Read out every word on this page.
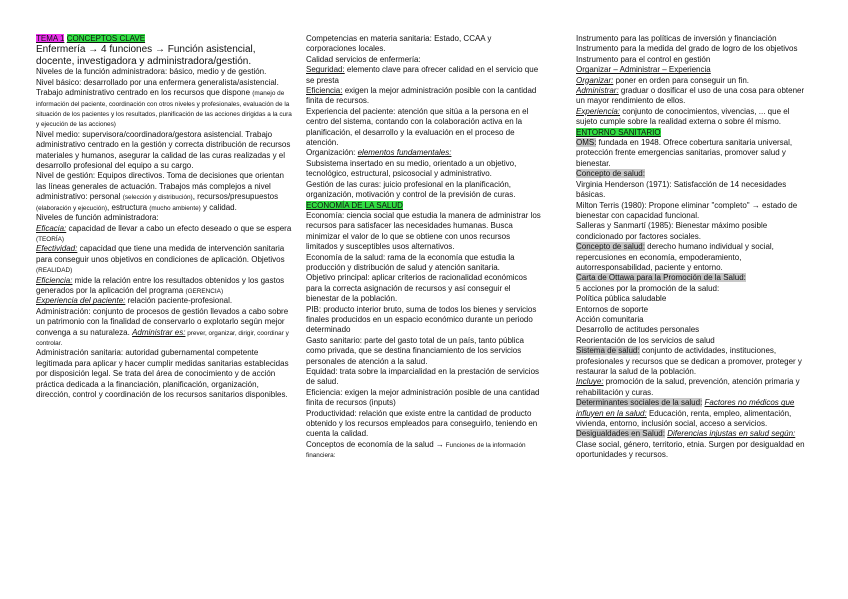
TEMA 1 CONCEPTOS CLAVE
Enfermería → 4 funciones → Función asistencial, docente, investigadora y administradora/gestión.
Niveles de la función administradora: básico, medio y de gestión.
Nivel básico: desarrollado por una enfermera generalista/asistencial. Trabajo administrativo centrado en los recursos que dispone (manejo de información del paciente, coordinación con otros niveles y profesionales, evaluación de la situación de los pacientes y los resultados, planificación de las acciones dirigidas a la cura y ejecución de las acciones)
Nivel medio: supervisora/coordinadora/gestora asistencial. Trabajo administrativo centrado en la gestión y correcta distribución de recursos materiales y humanos, asegurar la calidad de las curas realizadas y el desarrollo profesional del equipo a su cargo.
Nivel de gestión: Equipos directivos. Toma de decisiones que orientan las líneas generales de actuación. Trabajos más complejos a nivel administrativo: personal (selección y distribución), recursos/presupuestos (elaboración y ejecución), estructura (mucho ambiente) y calidad.
Niveles de función administradora:
- Eficacia: capacidad de llevar a cabo un efecto deseado o que se espera (TEORÍA)
- Efectividad: capacidad que tiene una medida de intervención sanitaria para conseguir unos objetivos en condiciones de aplicación. Objetivos (REALIDAD)
- Eficiencia: mide la relación entre los resultados obtenidos y los gastos generados por la aplicación del programa (GERENCIA)
- Experiencia del paciente: relación paciente-profesional.
Administración: conjunto de procesos de gestión llevados a cabo sobre un patrimonio con la finalidad de conservarlo o explotarlo según mejor convenga a su naturaleza. Administrar es: prever, organizar, dirigir, coordinar y controlar.
Administración sanitaria: autoridad gubernamental competente legitimada para aplicar y hacer cumplir medidas sanitarias establecidas por disposición legal. Se trata del área de conocimiento y de acción práctica dedicada a la financiación, planificación, organización, dirección, control y coordinación de los recursos sanitarios disponibles.
Competencias en materia sanitaria: Estado, CCAA y corporaciones locales.
Calidad servicios de enfermería:
- Seguridad: elemento clave para ofrecer calidad en el servicio que se presta
- Eficiencia: exigen la mejor administración posible con la cantidad finita de recursos.
- Experiencia del paciente: atención que sitúa a la persona en el centro del sistema, contando con la colaboración activa en la planificación, el desarrollo y la evaluación en el proceso de atención.
Organización: elementos fundamentales:
Subsistema insertado en su medio, orientado a un objetivo, tecnológico, estructural, psicosocial y administrativo.
Gestión de las curas: juicio profesional en la planificación, organización, motivación y control de la previsión de curas.
ECONOMÍA DE LA SALUD
Economía: ciencia social que estudia la manera de administrar los recursos para satisfacer las necesidades humanas. Busca minimizar el valor de lo que se obtiene con unos recursos limitados y susceptibles usos alternativos.
Economía de la salud: rama de la economía que estudia la producción y distribución de salud y atención sanitaria.
Objetivo principal: aplicar criterios de racionalidad económicos para la correcta asignación de recursos y así conseguir el bienestar de la población.
PIB: producto interior bruto, suma de todos los bienes y servicios finales producidos en un espacio económico durante un periodo determinado
Gasto sanitario: parte del gasto total de un país, tanto pública como privada, que se destina financiamiento de los servicios personales de atención a la salud.
Equidad: trata sobre la imparcialidad en la prestación de servicios de salud.
Eficiencia: exigen la mejor administración posible de una cantidad finita de recursos (inputs)
Productividad: relación que existe entre la cantidad de producto obtenido y los recursos empleados para conseguirlo, teniendo en cuenta la calidad.
Conceptos de economía de la salud → Funciones de la información financiera:
- Instrumento para las políticas de inversión y financiación
- Instrumento para la medida del grado de logro de los objetivos
- Instrumento para el control en gestión
Organizar – Administrar – Experiencia
Organizar: poner en orden para conseguir un fin.
Administrar: graduar o dosificar el uso de una cosa para obtener un mayor rendimiento de ellos.
Experiencia: conjunto de conocimientos, vivencias, ... que el sujeto cumple sobre la realidad externa o sobre él mismo.
ENTORNO SANITARIO
OMS: fundada en 1948. Ofrece cobertura sanitaria universal, protección frente emergencias sanitarias, promover salud y bienestar.
Concepto de salud:
• Virginia Henderson (1971): Satisfacción de 14 necesidades básicas.
• Milton Terris (1980): Propone eliminar "completo" → estado de bienestar con capacidad funcional.
• Salleras y Sanmartí (1985): Bienestar máximo posible condicionado por factores sociales.
Concepto de salud: derecho humano individual y social, repercusiones en economía, empoderamiento, autorresponsabilidad, paciente y entorno.
Carta de Ottawa para la Promoción de la Salud:
5 acciones por la promoción de la salud:
- Política pública saludable
- Entornos de soporte
- Acción comunitaria
- Desarrollo de actitudes personales
- Reorientación de los servicios de salud
Sistema de salud: conjunto de actividades, instituciones, profesionales y recursos que se dedican a promover, proteger y restaurar la salud de la población.
Incluye: promoción de la salud, prevención, atención primaria y rehabilitación y curas.
Determinantes sociales de la salud: Factores no médicos que influyen en la salud: Educación, renta, empleo, alimentación, vivienda, entorno, inclusión social, acceso a servicios.
Desigualdades en Salud: Diferencias injustas en salud según: Clase social, género, territorio, etnia. Surgen por desigualdad en oportunidades y recursos.
